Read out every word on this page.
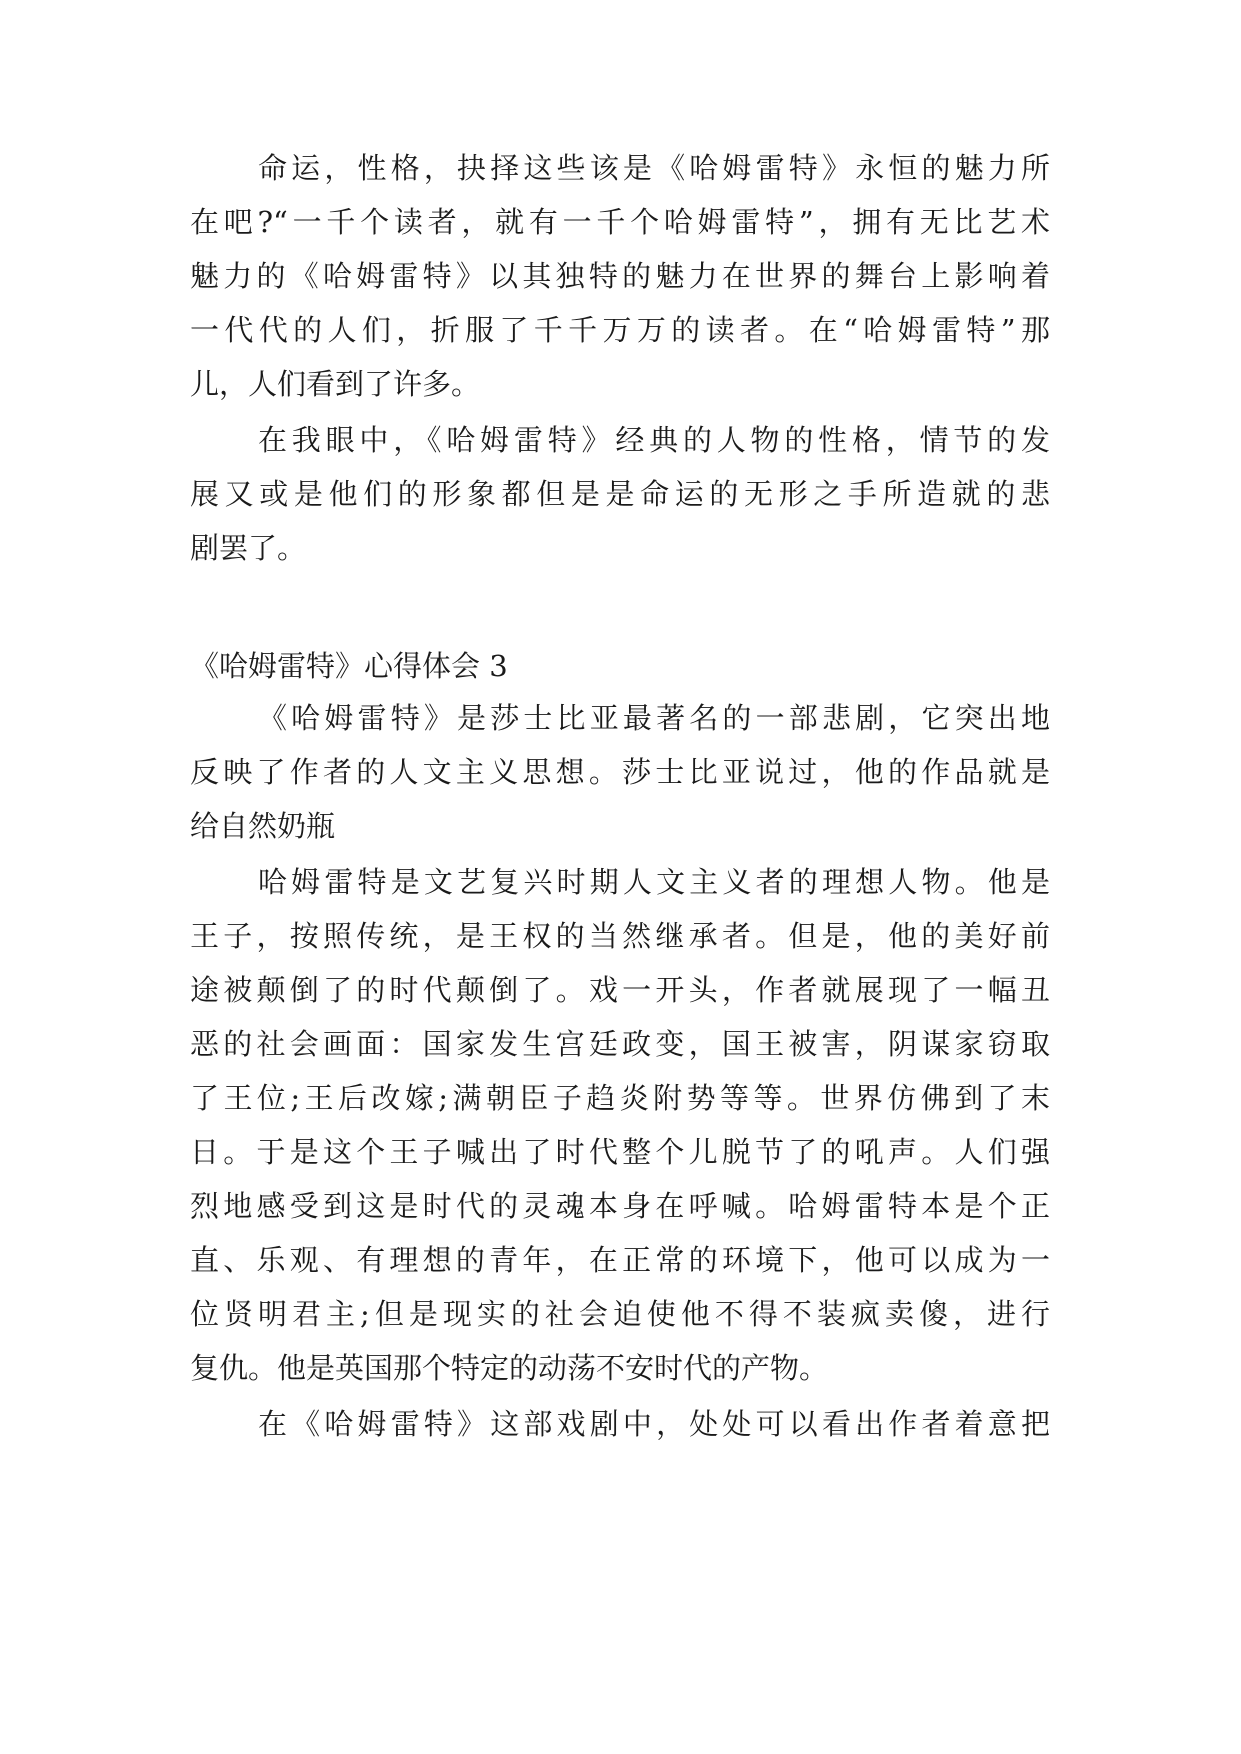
命运，性格，抉择这些该是《哈姆雷特》永恒的魅力所
在吧?“一千个读者，就有一千个哈姆雷特”，拥有无比艺术
魅力的《哈姆雷特》以其独特的魅力在世界的舞台上影响着
一代代的人们，折服了千千万万的读者。在“哈姆雷特”那
儿，人们看到了许多。
在我眼中，《哈姆雷特》经典的人物的性格，情节的发
展又或是他们的形象都但是是命运的无形之手所造就的悲
剧罢了。
《哈姆雷特》心得体会 3
《哈姆雷特》是莎士比亚最著名的一部悲剧，它突出地
反映了作者的人文主义思想。莎士比亚说过，他的作品就是
给自然奶瓶
哈姆雷特是文艺复兴时期人文主义者的理想人物。他是
王子，按照传统，是王权的当然继承者。但是，他的美好前
途被颠倒了的时代颠倒了。戏一开头，作者就展现了一幅丑
恶的社会画面：国家发生宫廷政变，国王被害，阴谋家窃取
了王位;王后改嫁;满朝臣子趋炎附势等等。世界仿佛到了末
日。于是这个王子喊出了时代整个儿脱节了的吼声。人们强
烈地感受到这是时代的灵魂本身在呼喊。哈姆雷特本是个正
直、乐观、有理想的青年，在正常的环境下，他可以成为一
位贤明君主;但是现实的社会迫使他不得不装疯卖傻，进行
复仇。他是英国那个特定的动荡不安时代的产物。
在《哈姆雷特》这部戏剧中，处处可以看出作者着意把
